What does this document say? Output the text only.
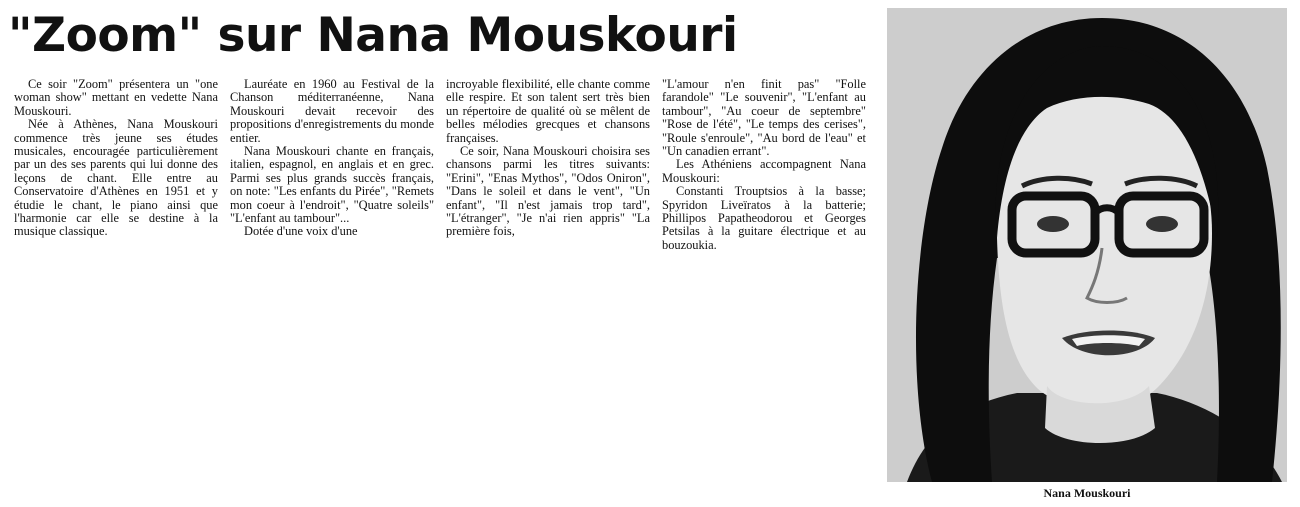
"Zoom" sur Nana Mouskouri

Ce soir "Zoom" présentera un "one woman show" mettant en vedette Nana Mouskouri.

Née à Athènes, Nana Mouskouri commence très jeune ses études musicales, encouragée particulièrement par un des ses parents qui lui donne des leçons de chant. Elle entre au Conservatoire d'Athènes en 1951 et y étudie le chant, le piano ainsi que l'harmonie car elle se destine à la musique classique.

Lauréate en 1960 au Festival de la Chanson méditerranéenne, Nana Mouskouri devait recevoir des propositions d'enregistrements du monde entier.

Nana Mouskouri chante en français, italien, espagnol, en anglais et en grec. Parmi ses plus grands succès français, on note: "Les enfants du Pirée", "Remets mon coeur à l'endroit", "Quatre soleils" "L'enfant au tambour"...

Dotée d'une voix d'une

incroyable flexibilité, elle chante comme elle respire. Et son talent sert très bien un répertoire de qualité où se mêlent de belles mélodies grecques et chansons françaises.

Ce soir, Nana Mouskouri choisira ses chansons parmi les titres suivants: "Erini", "Enas Mythos", "Odos Oniron", "Dans le soleil et dans le vent", "Un enfant", "Il n'est jamais trop tard", "L'étranger", "Je n'ai rien appris" "La première fois,

"L'amour n'en finit pas" "Folle farandole" "Le souvenir", "L'enfant au tambour", "Au coeur de septembre" "Rose de l'été", "Le temps des cerises", "Roule s'enroule", "Au bord de l'eau" et "Un canadien errant".

Les Athéniens accompagnent Nana Mouskouri:

Constanti Trouptsios à la basse; Spyridon Liveïratos à la batterie; Phillipos Papatheodorou et Georges Petsilas à la guitare électrique et au bouzoukia.

Nana Mouskouri
